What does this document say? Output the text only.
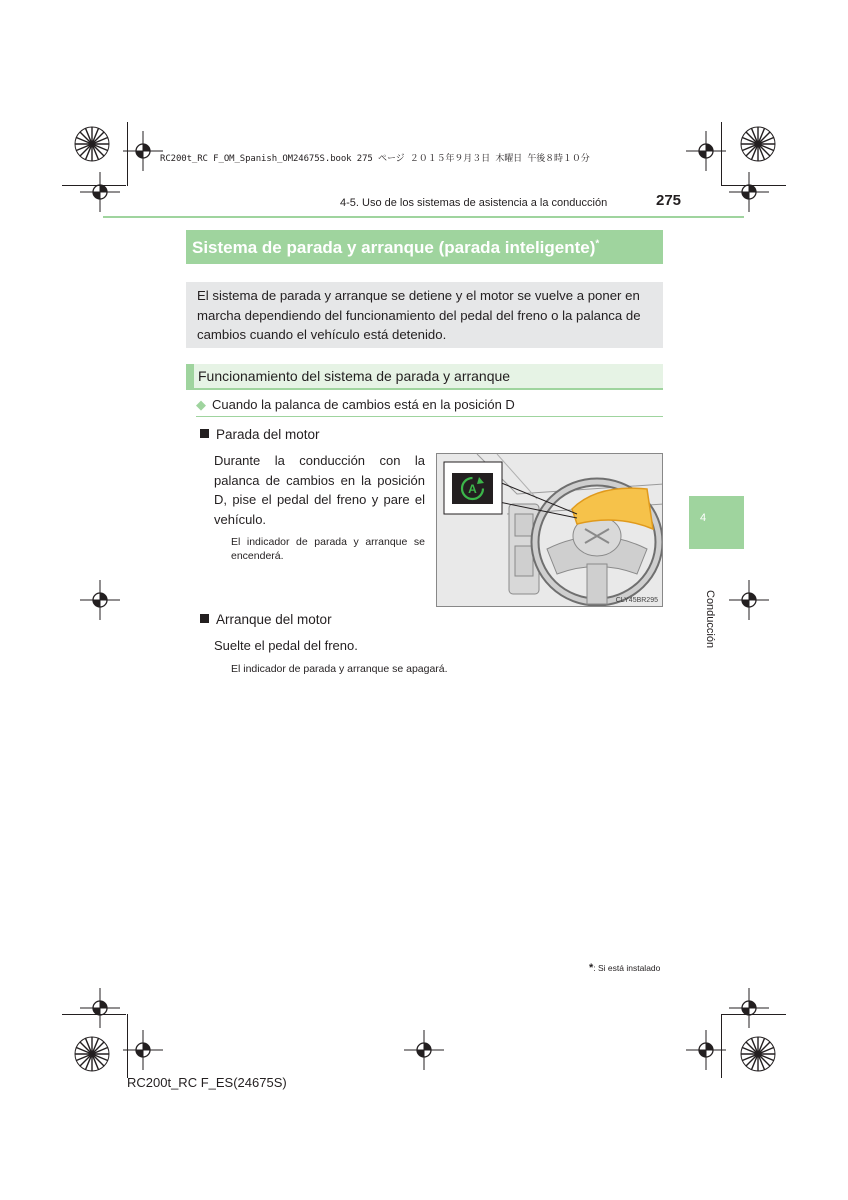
RC200t_RC F_OM_Spanish_OM24675S.book 275 ページ ２０１５年９月３日 木曜日 午後８時１０分
4-5. Uso de los sistemas de asistencia a la conducción	275
Sistema de parada y arranque (parada inteligente)*
El sistema de parada y arranque se detiene y el motor se vuelve a poner en marcha dependiendo del funcionamiento del pedal del freno o la palanca de cambios cuando el vehículo está detenido.
Funcionamiento del sistema de parada y arranque
◆ Cuando la palanca de cambios está en la posición D
Parada del motor
Durante la conducción con la palanca de cambios en la posición D, pise el pedal del freno y pare el vehículo.
El indicador de parada y arranque se encenderá.
A
CLY45BR295
4
Conducción
Arranque del motor
Suelte el pedal del freno.
El indicador de parada y arranque se apagará.
*: Si está instalado
RC200t_RC F_ES(24675S)
